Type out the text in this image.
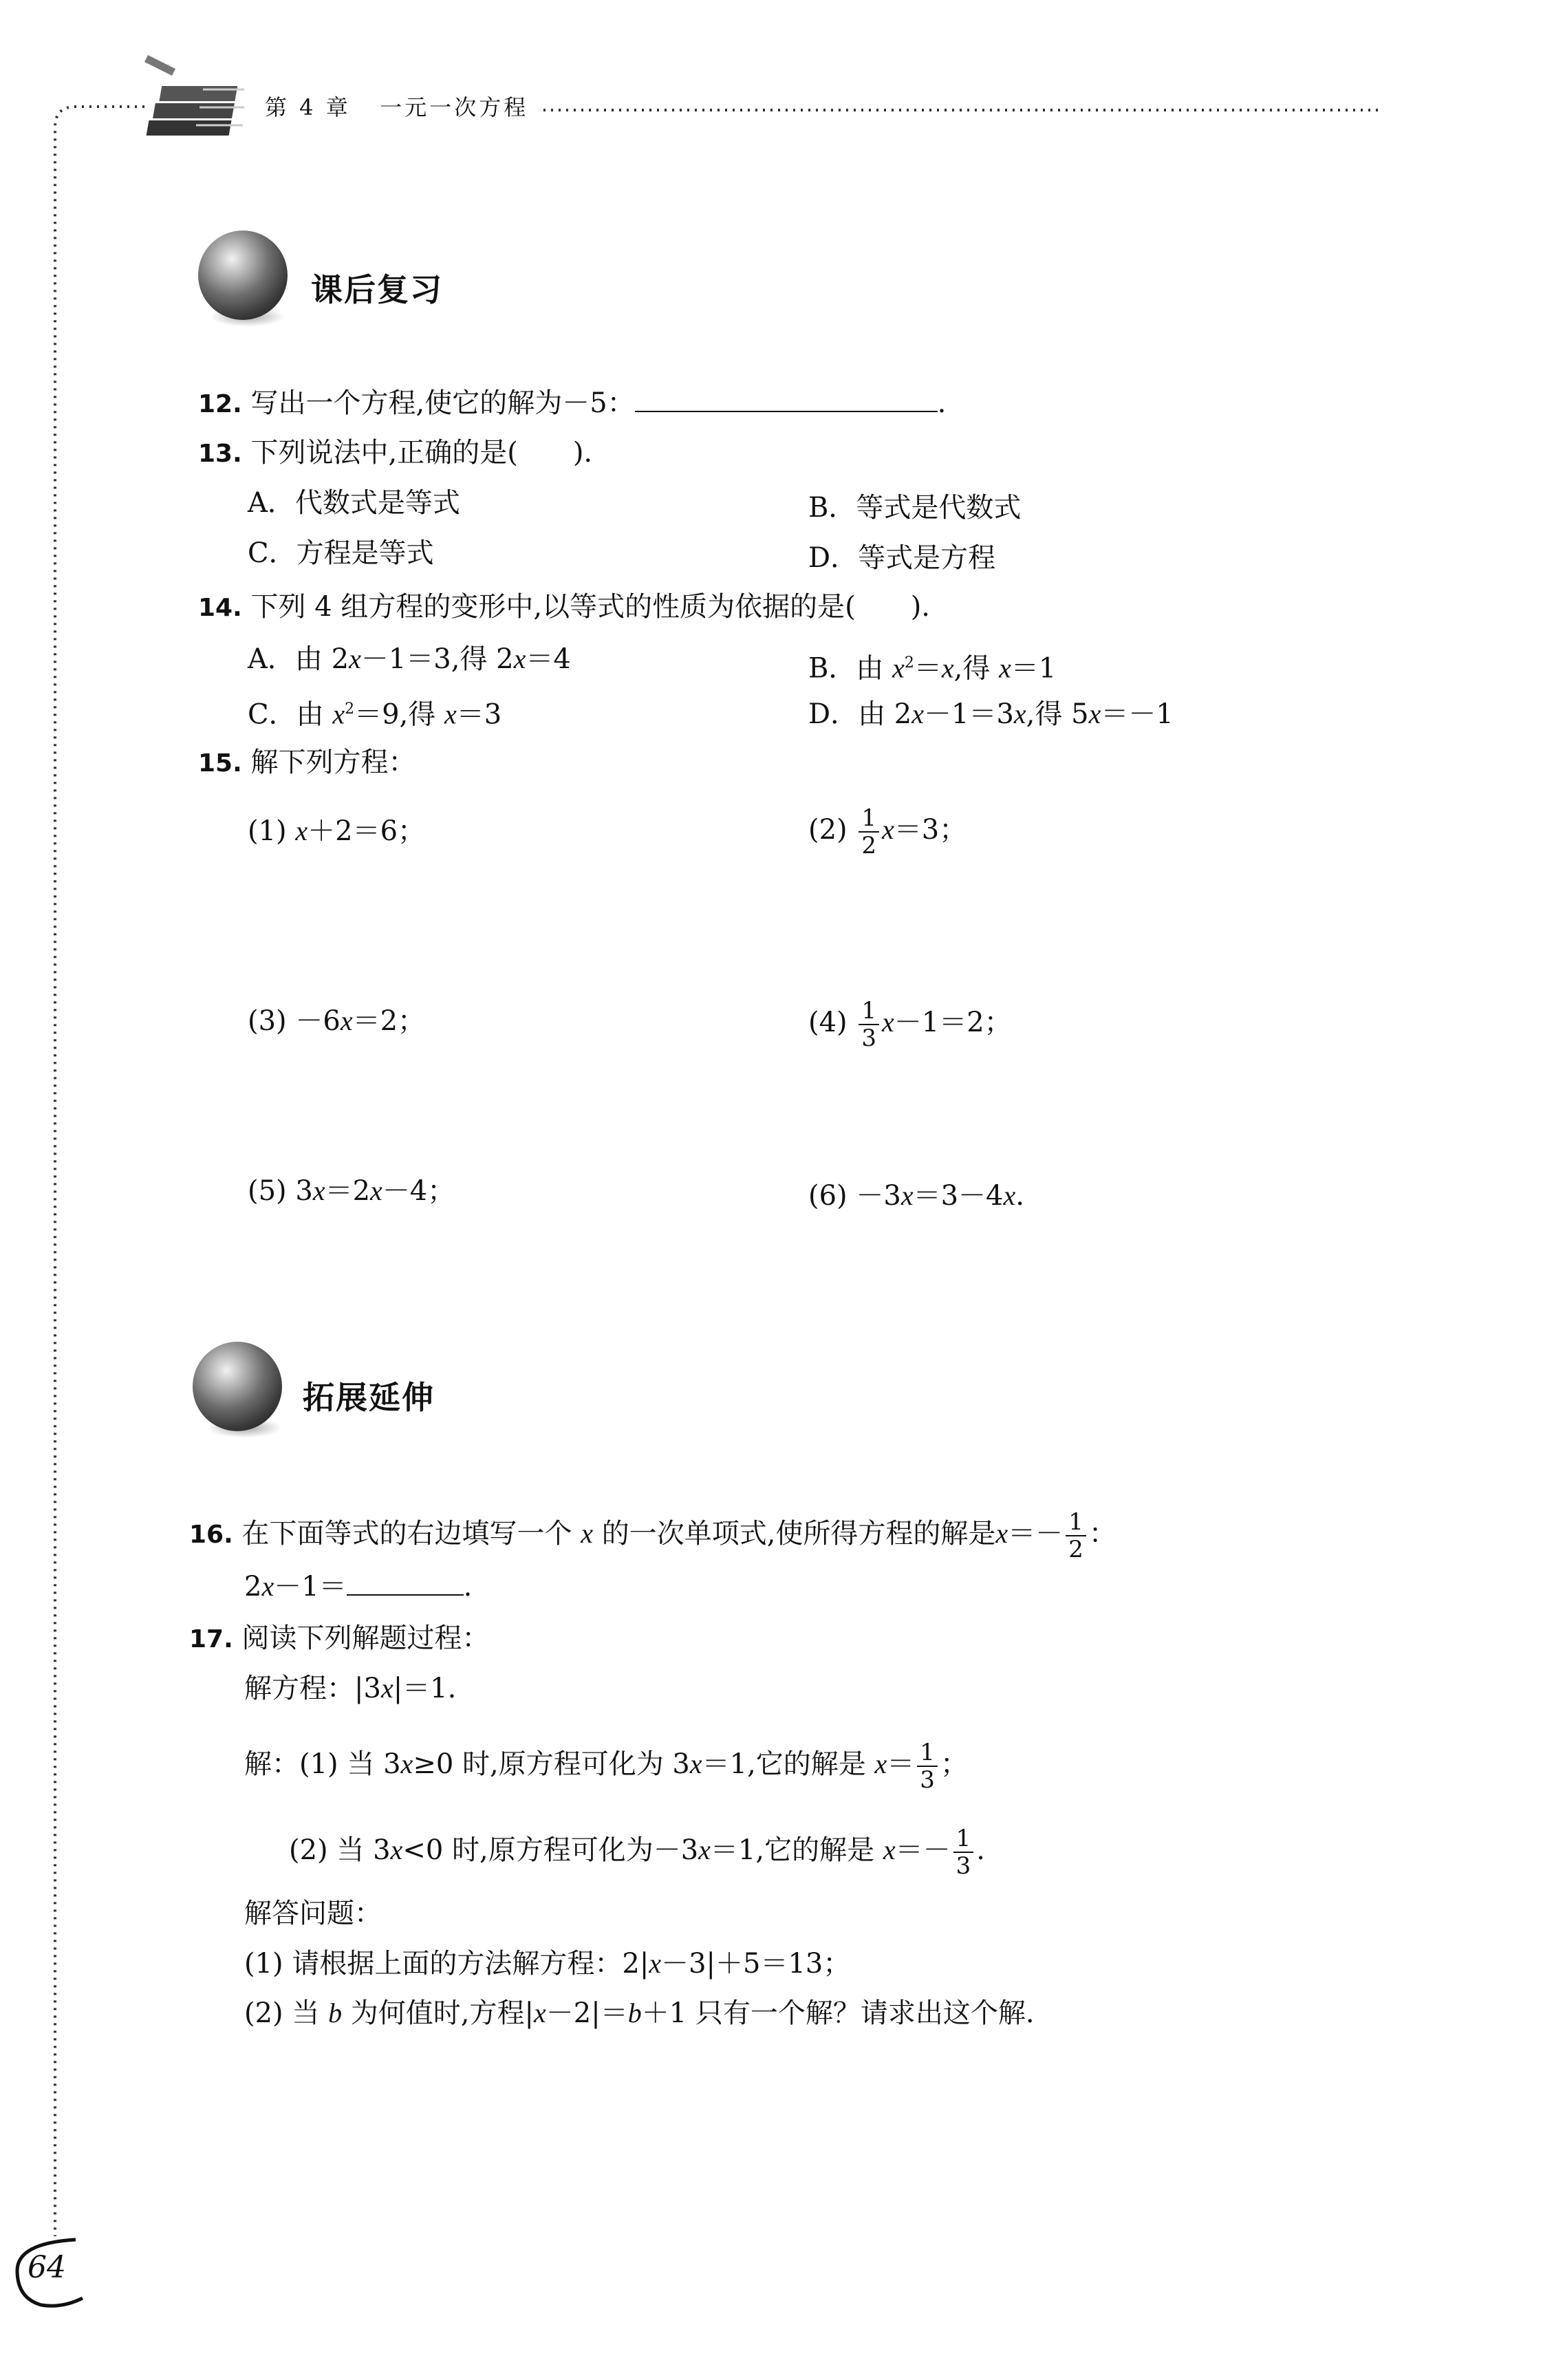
第 4 章 一元一次方程
课后复习
12. 写出一个方程,使它的解为－5：	.
13. 下列说法中,正确的是(　　).
A．代数式是等式	B．等式是代数式
C．方程是等式	D．等式是方程
14. 下列 4 组方程的变形中,以等式的性质为依据的是(　　).
A．由 2x－1＝3,得 2x＝4	B．由 $x^2=x$,得 x＝1
C．由 $x^2=9$,得 x＝3	D．由 2x－1＝3x,得 5x＝－1
15. 解下列方程：
(1) x＋2＝6；	$(2) \frac{1}{2} x=3$；
(3) －6x＝2；	$(4) \frac{1}{3} x-1=2$；
(5) 3x＝2x－4；	(6) －3x＝3－4x.
拓展延伸
16. 在下面等式的右边填写一个 x 的一次单项式,使所得方程的解是$x=- \frac{1}{2}$ ：
2x－1＝	.
17. 阅读下列解题过程：
解方程：|3x|＝1.
解：(1) 当 3x≥0 时,原方程可化为 3x＝1,它的解是 $x= \frac{1}{3}$ ；
(2) 当 3x<0 时,原方程可化为－3x＝1,它的解是 $x=- \frac{1}{3}$ .
解答问题：
(1) 请根据上面的方法解方程：2|x－3|＋5＝13；
(2) 当 b 为何值时,方程|x－2|＝b＋1 只有一个解？请求出这个解.
64
